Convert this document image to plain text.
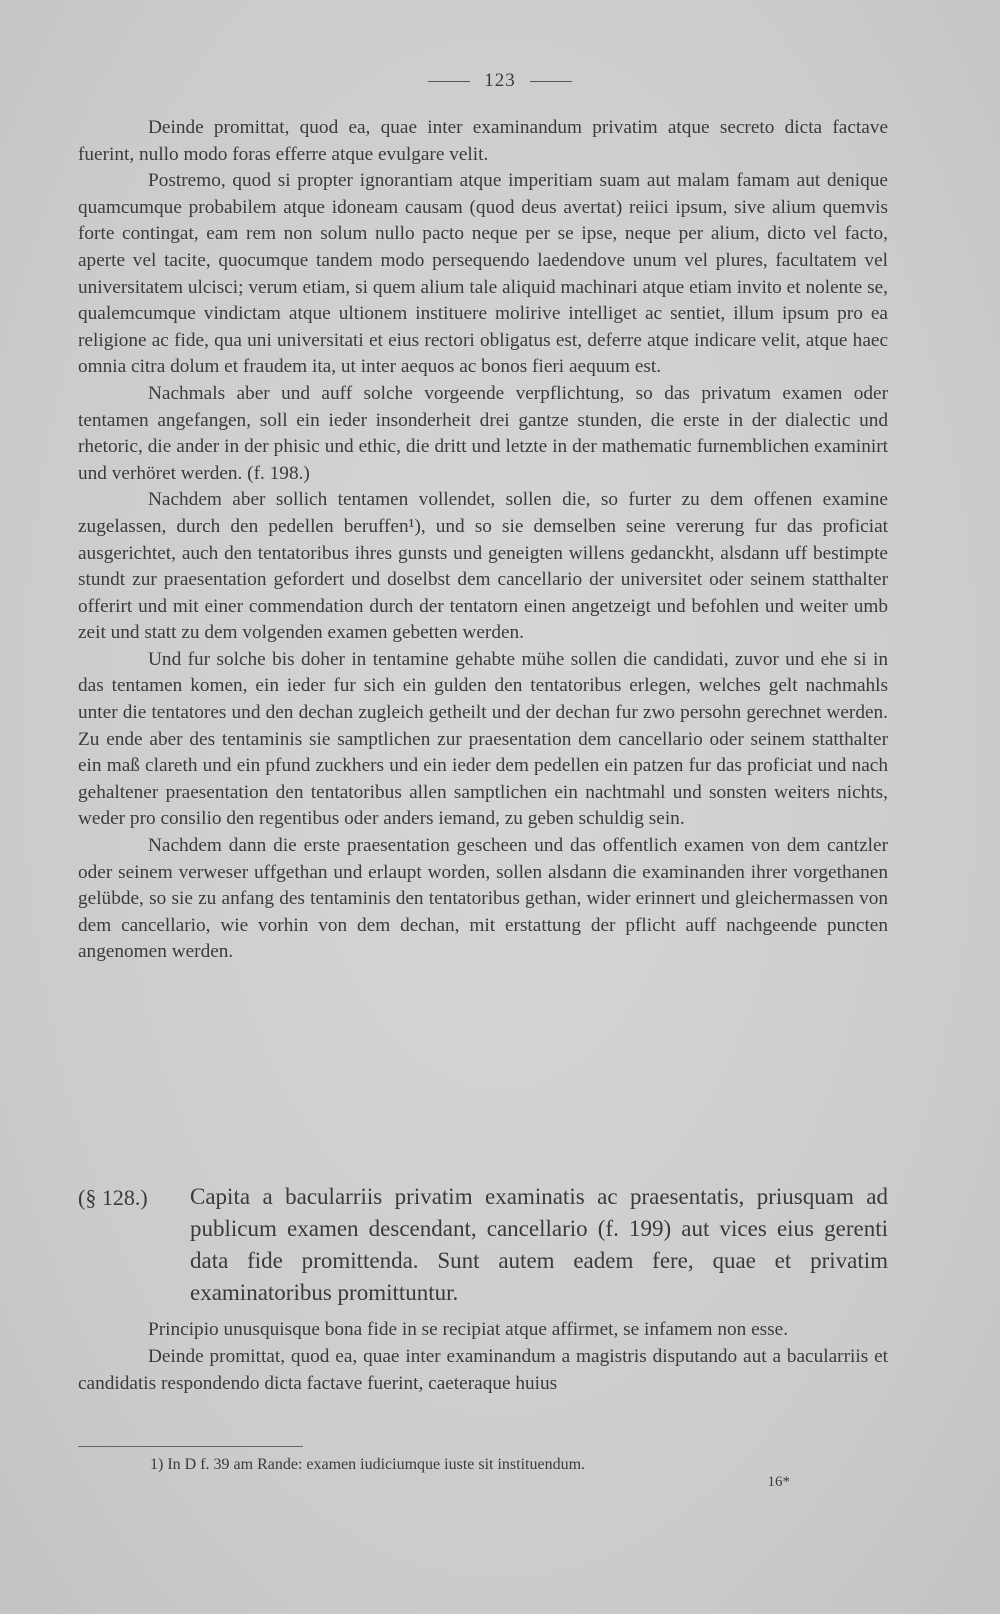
123

Deinde promittat, quod ea, quae inter examinandum privatim atque secreto dicta factave fuerint, nullo modo foras efferre atque evulgare velit.

Postremo, quod si propter ignorantiam atque imperitiam suam aut malam famam aut denique quamcumque probabilem atque idoneam causam (quod deus avertat) reiici ipsum, sive alium quemvis forte contingat, eam rem non solum nullo pacto neque per se ipse, neque per alium, dicto vel facto, aperte vel tacite, quocumque tandem modo persequendo laedendove unum vel plures, facultatem vel universitatem ulcisci; verum etiam, si quem alium tale aliquid machinari atque etiam invito et nolente se, qualemcumque vindictam atque ultionem instituere molirive intelliget ac sentiet, illum ipsum pro ea religione ac fide, qua uni universitati et eius rectori obligatus est, deferre atque indicare velit, atque haec omnia citra dolum et fraudem ita, ut inter aequos ac bonos fieri aequum est.

Nachmals aber und auff solche vorgeende verpflichtung, so das privatum examen oder tentamen angefangen, soll ein ieder insonderheit drei gantze stunden, die erste in der dialectic und rhetoric, die ander in der phisic und ethic, die dritt und letzte in der mathematic furnemblichen examinirt und verhöret werden. (f. 198.)

Nachdem aber sollich tentamen vollendet, sollen die, so furter zu dem offenen examine zugelassen, durch den pedellen beruffen¹), und so sie demselben seine vererung fur das proficiat ausgerichtet, auch den tentatoribus ihres gunsts und geneigten willens gedanckht, alsdann uff bestimpte stundt zur praesentation gefordert und doselbst dem cancellario der universitet oder seinem statthalter offerirt und mit einer commendation durch der tentatorn einen angetzeigt und befohlen und weiter umb zeit und statt zu dem volgenden examen gebetten werden.

Und fur solche bis doher in tentamine gehabte mühe sollen die candidati, zuvor und ehe si in das tentamen komen, ein ieder fur sich ein gulden den tentatoribus erlegen, welches gelt nachmahls unter die tentatores und den dechan zugleich getheilt und der dechan fur zwo persohn gerechnet werden. Zu ende aber des tentaminis sie samptlichen zur praesentation dem cancellario oder seinem statthalter ein maß clareth und ein pfund zuckhers und ein ieder dem pedellen ein patzen fur das proficiat und nach gehaltener praesentation den tentatoribus allen samptlichen ein nachtmahl und sonsten weiters nichts, weder pro consilio den regentibus oder anders iemand, zu geben schuldig sein.

Nachdem dann die erste praesentation gescheen und das offentlich examen von dem cantzler oder seinem verweser uffgethan und erlaupt worden, sollen alsdann die examinanden ihrer vorgethanen gelübde, so sie zu anfang des tentaminis den tentatoribus gethan, wider erinnert und gleichermassen von dem cancellario, wie vorhin von dem dechan, mit erstattung der pflicht auff nachgeende puncten angenomen werden.

(§ 128.) Capita a bacularriis privatim examinatis ac praesentatis, priusquam ad publicum examen descendant, cancellario (f. 199) aut vices eius gerenti data fide promittenda. Sunt autem eadem fere, quae et privatim examinatoribus promittuntur.

Principio unusquisque bona fide in se recipiat atque affirmet, se infamem non esse.

Deinde promittat, quod ea, quae inter examinandum a magistris disputando aut a bacularriis et candidatis respondendo dicta factave fuerint, caeteraque huius

1) In D f. 39 am Rande: examen iudiciumque iuste sit instituendum.
16*
